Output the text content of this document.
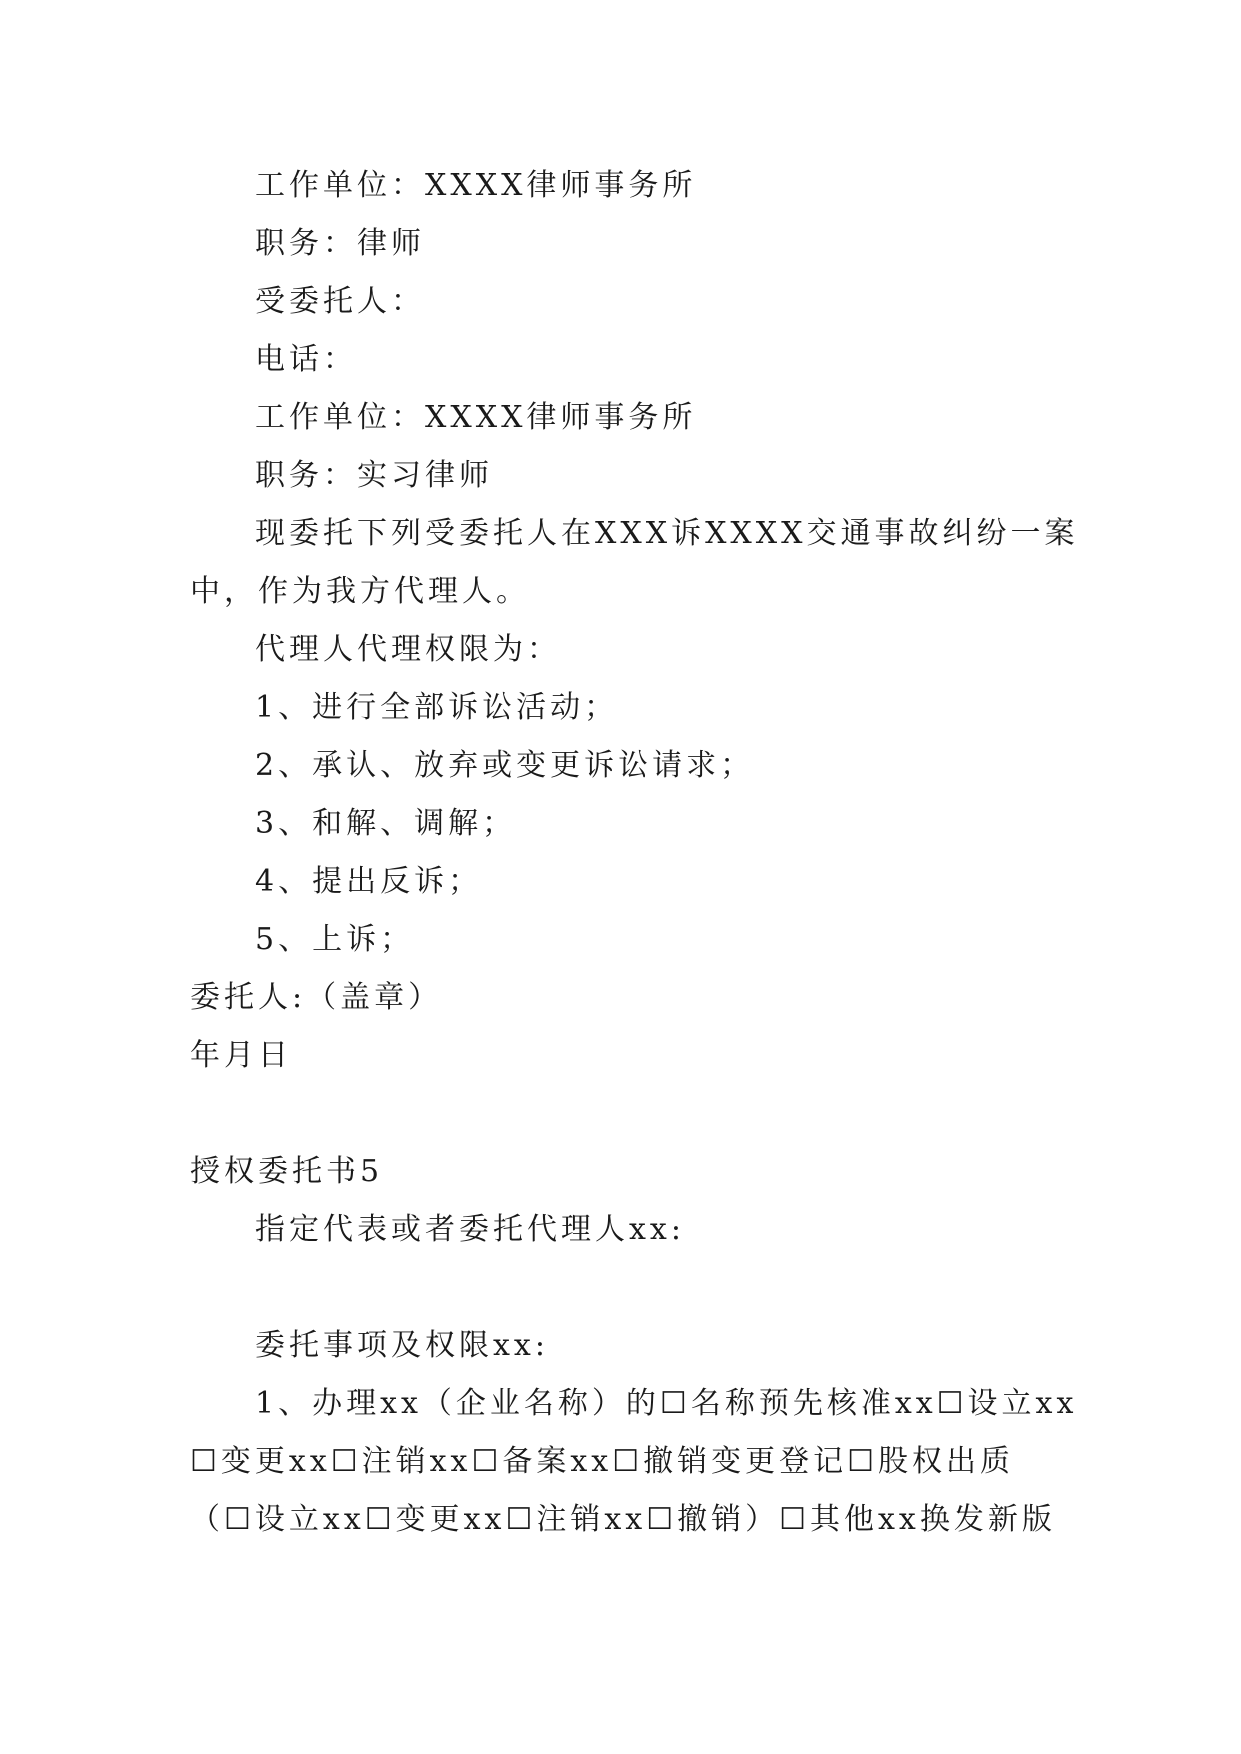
工作单位：XXXX律师事务所
职务：律师
受委托人：
电话：
工作单位：XXXX律师事务所
职务：实习律师
现委托下列受委托人在XXX诉XXXX交通事故纠纷一案
中，作为我方代理人。
代理人代理权限为：
1、进行全部诉讼活动；
2、承认、放弃或变更诉讼请求；
3、和解、调解；
4、提出反诉；
5、上诉；
委托人:（盖章）
年月日
授权委托书5
指定代表或者委托代理人xx:
委托事项及权限xx:
1、办理xx（企业名称）的☐名称预先核准xx☐设立xx
☐变更xx☐注销xx☐备案xx☐撤销变更登记☐股权出质
（☐设立xx☐变更xx☐注销xx☐撤销）☐其他xx换发新版
